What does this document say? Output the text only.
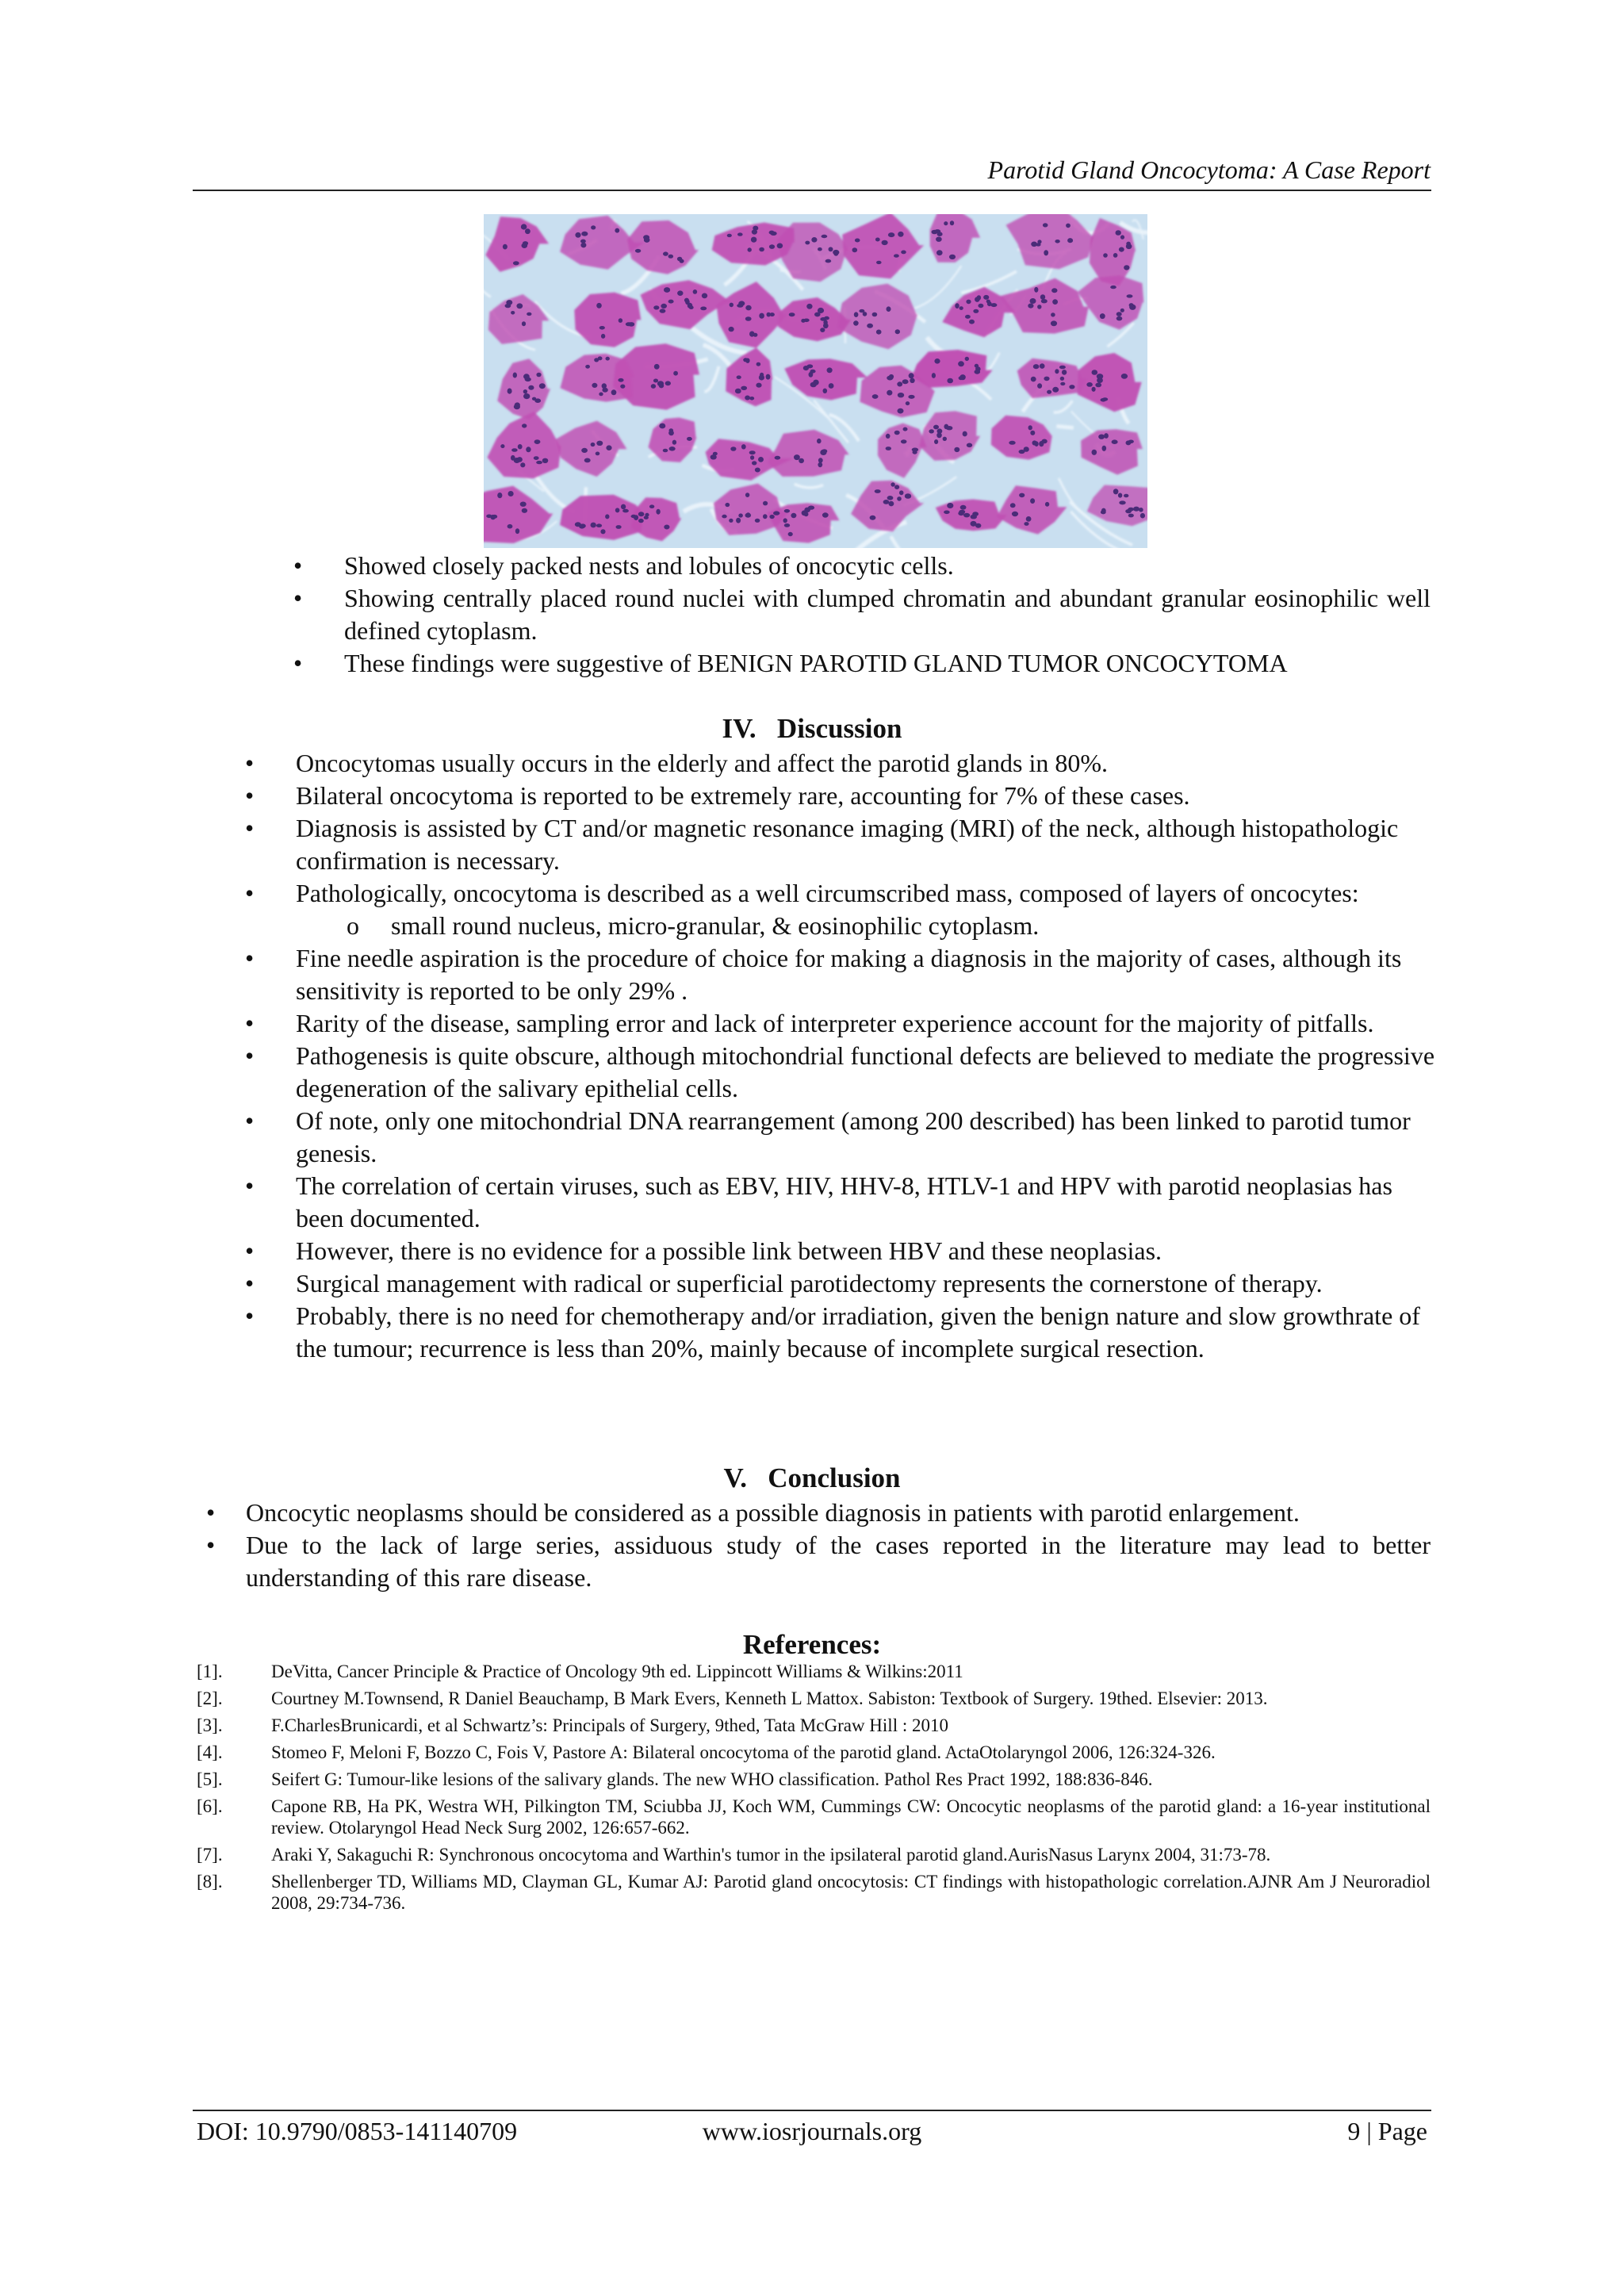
Parotid Gland Oncocytoma: A Case Report
• Showed closely packed nests and lobules of oncocytic cells.
• Showing centrally placed round nuclei with clumped chromatin and abundant granular eosinophilic well defined cytoplasm.
• These findings were suggestive of BENIGN PAROTID GLAND TUMOR ONCOCYTOMA
IV.   Discussion
• Oncocytomas usually occurs in the elderly and affect the parotid glands in 80%.
• Bilateral oncocytoma is reported to be extremely rare, accounting for 7% of these cases.
• Diagnosis is assisted by CT and/or magnetic resonance imaging (MRI) of the neck, although histopathologic confirmation is necessary.
• Pathologically, oncocytoma is described as a well circumscribed mass, composed of layers of oncocytes:
o small round nucleus, micro-granular, & eosinophilic cytoplasm.
• Fine needle aspiration is the procedure of choice for making a diagnosis in the majority of cases, although its sensitivity is reported to be only 29% .
• Rarity of the disease, sampling error and lack of interpreter experience account for the majority of pitfalls.
• Pathogenesis is quite obscure, although mitochondrial functional defects are believed to mediate the progressive degeneration of the salivary epithelial cells.
• Of note, only one mitochondrial DNA rearrangement (among 200 described) has been linked to parotid tumor genesis.
• The correlation of certain viruses, such as EBV, HIV, HHV-8, HTLV-1 and HPV with parotid neoplasias has been documented.
• However, there is no evidence for a possible link between HBV and these neoplasias.
• Surgical management with radical or superficial parotidectomy represents the cornerstone of therapy.
• Probably, there is no need for chemotherapy and/or irradiation, given the benign nature and slow growthrate of the tumour; recurrence is less than 20%, mainly because of incomplete surgical resection.
V.   Conclusion
• Oncocytic neoplasms should be considered as a possible diagnosis in patients with parotid enlargement.
• Due to the lack of large series, assiduous study of the cases reported in the literature may lead to better understanding of this rare disease.
References:
[1].	DeVitta, Cancer Principle & Practice of Oncology 9th ed. Lippincott Williams & Wilkins:2011
[2].	Courtney M.Townsend, R Daniel Beauchamp, B Mark Evers, Kenneth L Mattox. Sabiston: Textbook of Surgery. 19thed. Elsevier: 2013.
[3].	F.CharlesBrunicardi, et al Schwartz’s: Principals of Surgery, 9thed, Tata McGraw Hill : 2010
[4].	Stomeo F, Meloni F, Bozzo C, Fois V, Pastore A: Bilateral oncocytoma of the parotid gland. ActaOtolaryngol 2006, 126:324-326.
[5].	Seifert G: Tumour-like lesions of the salivary glands. The new WHO classification. Pathol Res Pract 1992, 188:836-846.
[6].	Capone RB, Ha PK, Westra WH, Pilkington TM, Sciubba JJ, Koch WM, Cummings CW: Oncocytic neoplasms of the parotid gland: a 16-year institutional review. Otolaryngol Head Neck Surg 2002, 126:657-662.
[7].	Araki Y, Sakaguchi R: Synchronous oncocytoma and Warthin's tumor in the ipsilateral parotid gland.AurisNasus Larynx 2004, 31:73-78.
[8].	Shellenberger TD, Williams MD, Clayman GL, Kumar AJ: Parotid gland oncocytosis: CT findings with histopathologic correlation.AJNR Am J Neuroradiol 2008, 29:734-736.
DOI: 10.9790/0853-141140709	www.iosrjournals.org	9 | Page
